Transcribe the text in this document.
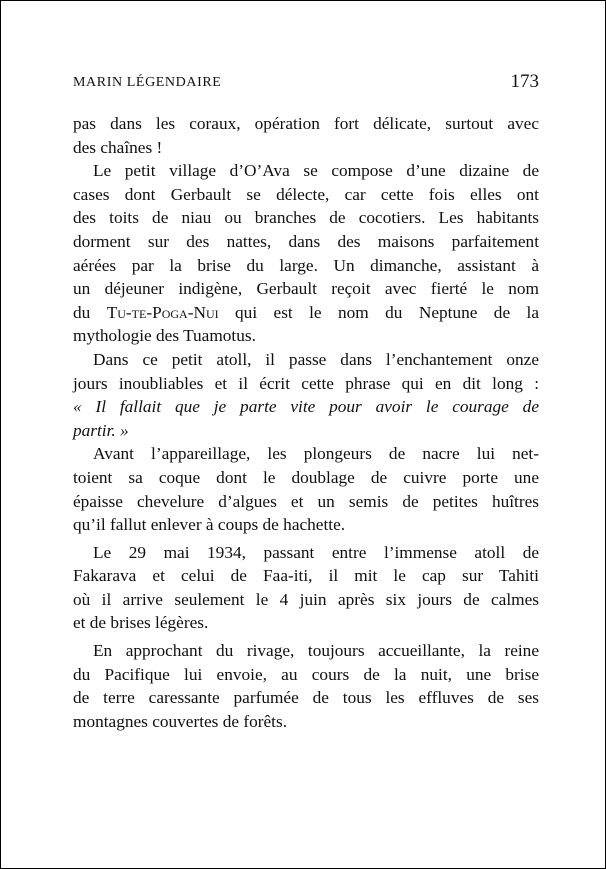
MARIN LÉGENDAIRE	173
pas dans les coraux, opération fort délicate, surtout avec
des chaînes !
Le petit village d’O’Ava se compose d’une dizaine de
cases dont Gerbault se délecte, car cette fois elles ont
des toits de niau ou branches de cocotiers. Les habitants
dorment sur des nattes, dans des maisons parfaitement
aérées par la brise du large. Un dimanche, assistant à
un déjeuner indigène, Gerbault reçoit avec fierté le nom
du Tu-te-Poga-Nui qui est le nom du Neptune de la
mythologie des Tuamotus.
Dans ce petit atoll, il passe dans l’enchantement onze
jours inoubliables et il écrit cette phrase qui en dit long :
« Il fallait que je parte vite pour avoir le courage de
partir. »
Avant l’appareillage, les plongeurs de nacre lui net-
toient sa coque dont le doublage de cuivre porte une
épaisse chevelure d’algues et un semis de petites huîtres
qu’il fallut enlever à coups de hachette.
Le 29 mai 1934, passant entre l’immense atoll de
Fakarava et celui de Faa-iti, il mit le cap sur Tahiti
où il arrive seulement le 4 juin après six jours de calmes
et de brises légères.
En approchant du rivage, toujours accueillante, la reine
du Pacifique lui envoie, au cours de la nuit, une brise
de terre caressante parfumée de tous les effluves de ses
montagnes couvertes de forêts.
